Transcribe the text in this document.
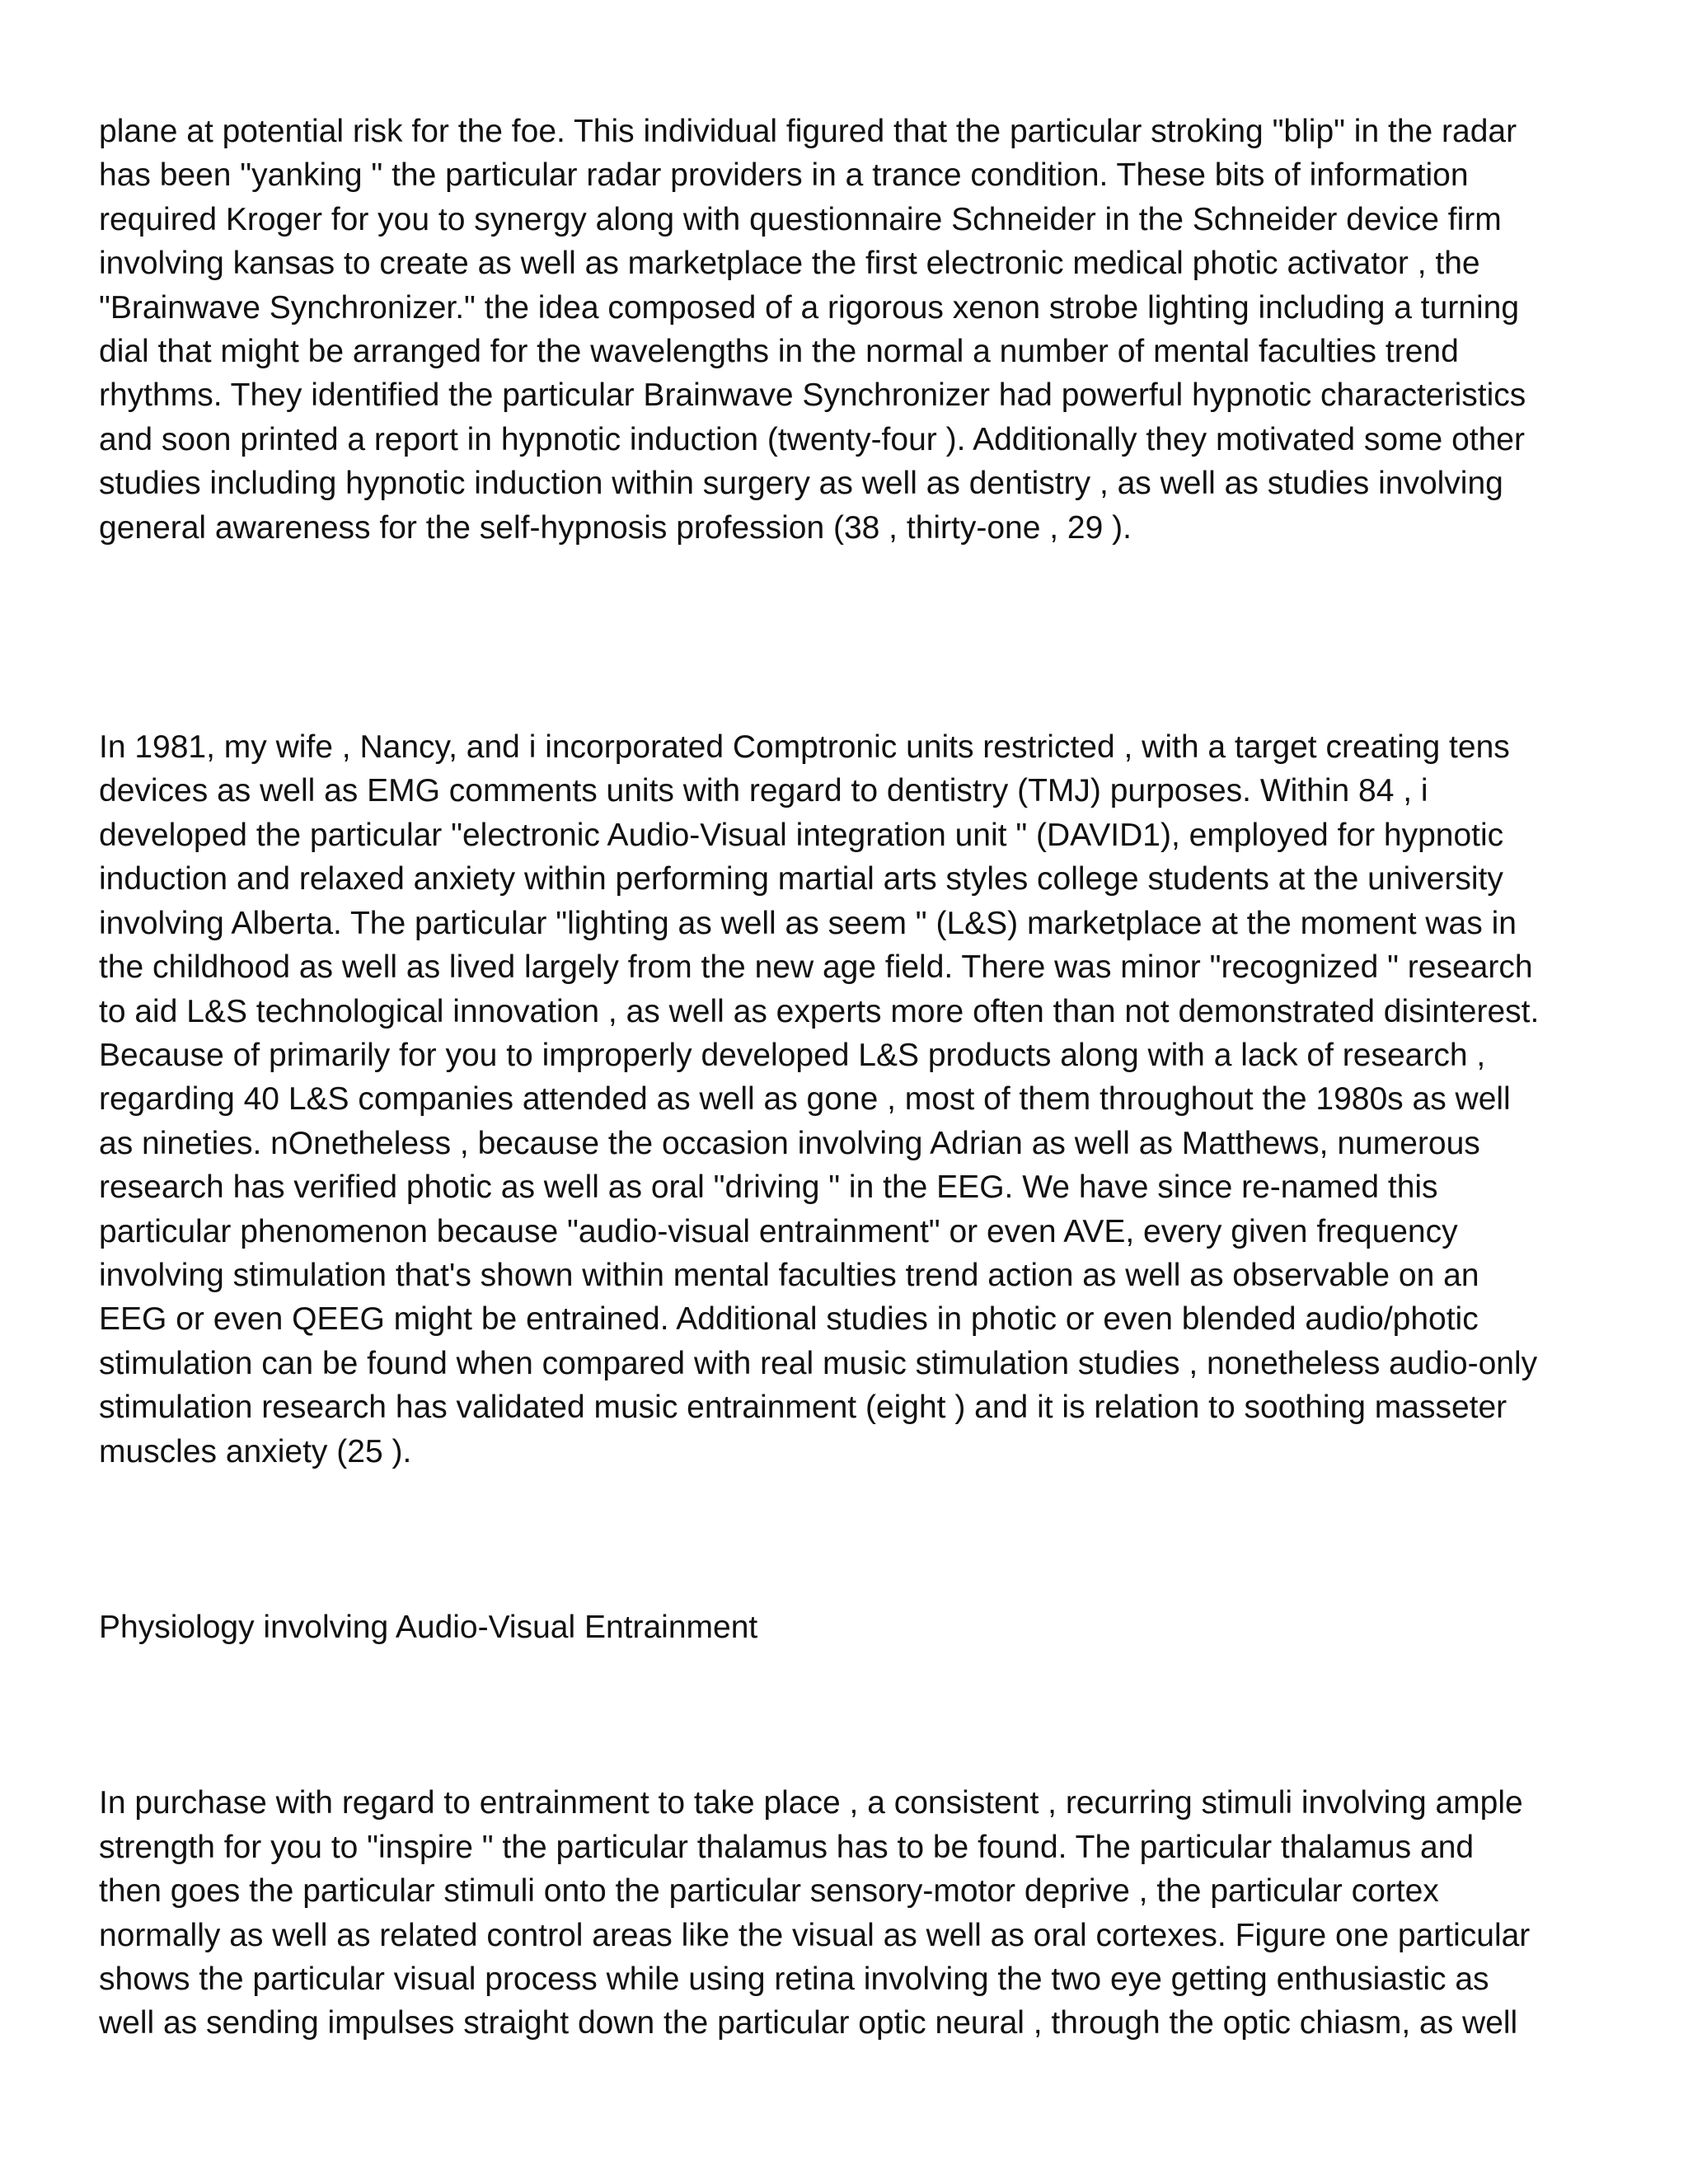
plane at potential risk for the foe. This individual figured that the particular stroking "blip" in the radar
has been "yanking " the particular radar providers in a trance condition. These bits of information
required Kroger for you to synergy along with questionnaire Schneider in the Schneider device firm
involving kansas to create as well as marketplace the first electronic medical photic activator , the
"Brainwave Synchronizer." the idea composed of a rigorous xenon strobe lighting including a turning
dial that might be arranged for the wavelengths in the normal a number of mental faculties trend
rhythms. They identified the particular Brainwave Synchronizer had powerful hypnotic characteristics
and soon printed a report in hypnotic induction (twenty-four ). Additionally they motivated some other
studies including hypnotic induction within surgery as well as dentistry , as well as studies involving
general awareness for the self-hypnosis profession (38 , thirty-one , 29 ).

In 1981, my wife , Nancy, and i incorporated Comptronic units restricted , with a target creating tens
devices as well as EMG comments units with regard to dentistry (TMJ) purposes. Within 84 , i
developed the particular "electronic Audio-Visual integration unit " (DAVID1), employed for hypnotic
induction and relaxed anxiety within performing martial arts styles college students at the university
involving Alberta. The particular "lighting as well as seem " (L&S) marketplace at the moment was in
the childhood as well as lived largely from the new age field. There was minor "recognized " research
to aid L&S technological innovation , as well as experts more often than not demonstrated disinterest.
Because of primarily for you to improperly developed L&S products along with a lack of research ,
regarding 40 L&S companies attended as well as gone , most of them throughout the 1980s as well
as nineties. nOnetheless , because the occasion involving Adrian as well as Matthews, numerous
research has verified photic as well as oral "driving " in the EEG. We have since re-named this
particular phenomenon because "audio-visual entrainment" or even AVE, every given frequency
involving stimulation that's shown within mental faculties trend action as well as observable on an
EEG or even QEEG might be entrained. Additional studies in photic or even blended audio/photic
stimulation can be found when compared with real music stimulation studies , nonetheless audio-only
stimulation research has validated music entrainment (eight ) and it is relation to soothing masseter
muscles anxiety (25 ).

Physiology involving Audio-Visual Entrainment

In purchase with regard to entrainment to take place , a consistent , recurring stimuli involving ample
strength for you to "inspire " the particular thalamus has to be found. The particular thalamus and
then goes the particular stimuli onto the particular sensory-motor deprive , the particular cortex
normally as well as related control areas like the visual as well as oral cortexes. Figure one particular
shows the particular visual process while using retina involving the two eye getting enthusiastic as
well as sending impulses straight down the particular optic neural , through the optic chiasm, as well
